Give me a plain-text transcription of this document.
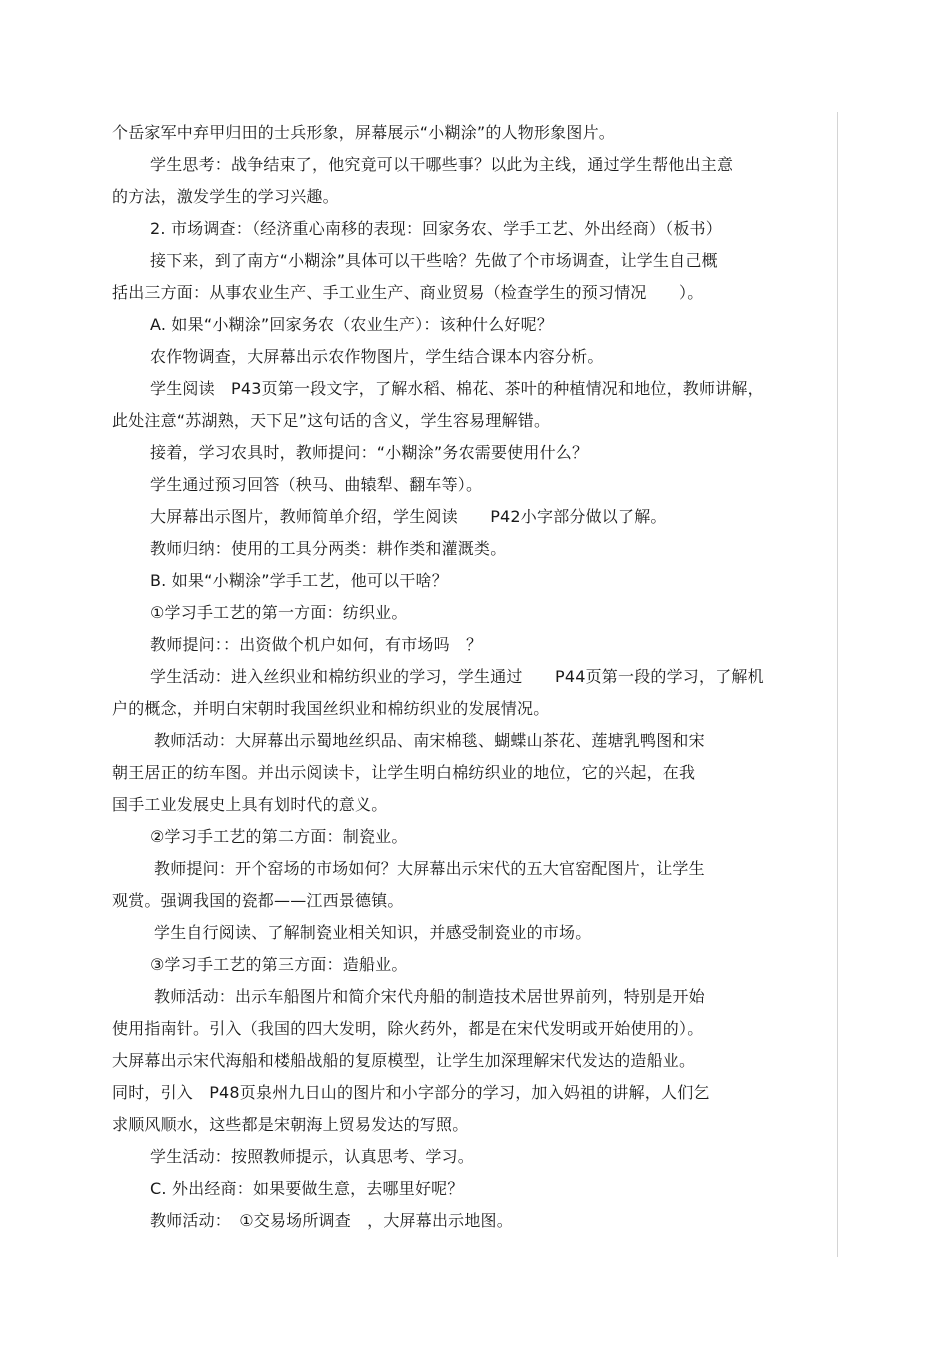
个岳家军中弃甲归田的士兵形象，屏幕展示“小糊涂”的人物形象图片。
学生思考：战争结束了，他究竟可以干哪些事？以此为主线，通过学生帮他出主意
的方法，激发学生的学习兴趣。
2. 市场调查：（经济重心南移的表现：回家务农、学手工艺、外出经商）（板书）
接下来，到了南方“小糊涂”具体可以干些啥？先做了个市场调查，让学生自己概
括出三方面：从事农业生产、手工业生产、商业贸易（检查学生的预习情况　　）。
A. 如果“小糊涂”回家务农（农业生产）：该种什么好呢？
农作物调查，大屏幕出示农作物图片，学生结合课本内容分析。
学生阅读　P43页第一段文字，了解水稻、棉花、茶叶的种植情况和地位，教师讲解，
此处注意“苏湖熟，天下足”这句话的含义，学生容易理解错。
接着，学习农具时，教师提问：“小糊涂”务农需要使用什么？
学生通过预习回答（秧马、曲辕犁、翻车等）。
大屏幕出示图片，教师简单介绍，学生阅读　　P42小字部分做以了解。
教师归纳：使用的工具分两类：耕作类和灌溉类。
B. 如果“小糊涂”学手工艺，他可以干啥？
①学习手工艺的第一方面：纺织业。
教师提问：：出资做个机户如何，有市场吗　？
学生活动：进入丝织业和棉纺织业的学习，学生通过　　P44页第一段的学习，了解机
户的概念，并明白宋朝时我国丝织业和棉纺织业的发展情况。
教师活动：大屏幕出示蜀地丝织品、南宋棉毯、蝴蝶山茶花、莲塘乳鸭图和宋
朝王居正的纺车图。并出示阅读卡，让学生明白棉纺织业的地位，它的兴起，在我
国手工业发展史上具有划时代的意义。
②学习手工艺的第二方面：制瓷业。
教师提问：开个窑场的市场如何？大屏幕出示宋代的五大官窑配图片，让学生
观赏。强调我国的瓷都——江西景德镇。
学生自行阅读、了解制瓷业相关知识，并感受制瓷业的市场。
③学习手工艺的第三方面：造船业。
教师活动：出示车船图片和简介宋代舟船的制造技术居世界前列，特别是开始
使用指南针。引入（我国的四大发明，除火药外，都是在宋代发明或开始使用的）。
大屏幕出示宋代海船和楼船战船的复原模型，让学生加深理解宋代发达的造船业。
同时，引入　P48页泉州九日山的图片和小字部分的学习，加入妈祖的讲解，人们乞
求顺风顺水，这些都是宋朝海上贸易发达的写照。
学生活动：按照教师提示，认真思考、学习。
C. 外出经商：如果要做生意，去哪里好呢？
教师活动：　①交易场所调查　，大屏幕出示地图。
